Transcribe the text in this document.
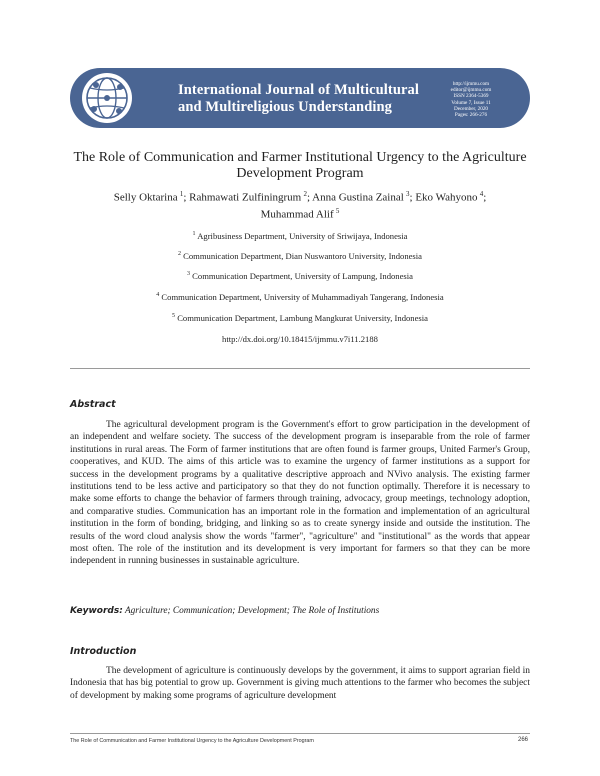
International Journal of Multicultural
and Multireligious Understanding
http://ijmmu.com
editor@ijmmu.com
ISSN 2364-5369
Volume 7, Issue 11
December, 2020
Pages: 266-276
The Role of Communication and Farmer Institutional Urgency to the Agriculture
Development Program
Selly Oktarina  $^1$; Rahmawati Zulfiningrum  $^2$; Anna Gustina Zainal  $^3$; Eko Wahyono  $^4$;
Muhammad Alif  $^5$
$^1$ Agribusiness Department, University of Sriwijaya, Indonesia
$^2$ Communication Department, Dian Nuswantoro University, Indonesia
$^3$ Communication Department, University of Lampung, Indonesia
$^4$ Communication Department, University of Muhammadiyah Tangerang, Indonesia
$^5$ Communication Department, Lambung Mangkurat University, Indonesia
http://dx.doi.org/10.18415/ijmmu.v7i11.2188
Abstract
The agricultural development program is the Government's effort to grow participation in the development of an independent and welfare society. The success of the development program is inseparable from the role of farmer institutions in rural areas. The Form of farmer institutions that are often found is farmer groups, United Farmer's Group, cooperatives, and KUD. The aims of this article was to examine the urgency of farmer institutions as a support for success in the development programs by a qualitative descriptive approach and NVivo analysis. The existing farmer institutions tend to be less active and participatory so that they do not function optimally. Therefore it is necessary to make some efforts to change the behavior of farmers through training, advocacy, group meetings, technology adoption, and comparative studies. Communication has an important role in the formation and implementation of an agricultural institution in the form of bonding, bridging, and linking so as to create synergy inside and outside the institution. The results of the word cloud analysis show the words "farmer", "agriculture" and "institutional" as the words that appear most often. The role of the institution and its development is very important for farmers so that they can be more independent in running businesses in sustainable agriculture.
Keywords: Agriculture; Communication; Development; The Role of Institutions
Introduction
The development of agriculture is continuously develops by the government, it aims to support agrarian field in Indonesia that has big potential to grow up. Government is giving much attentions to the farmer who becomes the subject of development by making some programs of agriculture development
The Role of Communication and Farmer Institutional Urgency to the Agriculture Development Program	266
